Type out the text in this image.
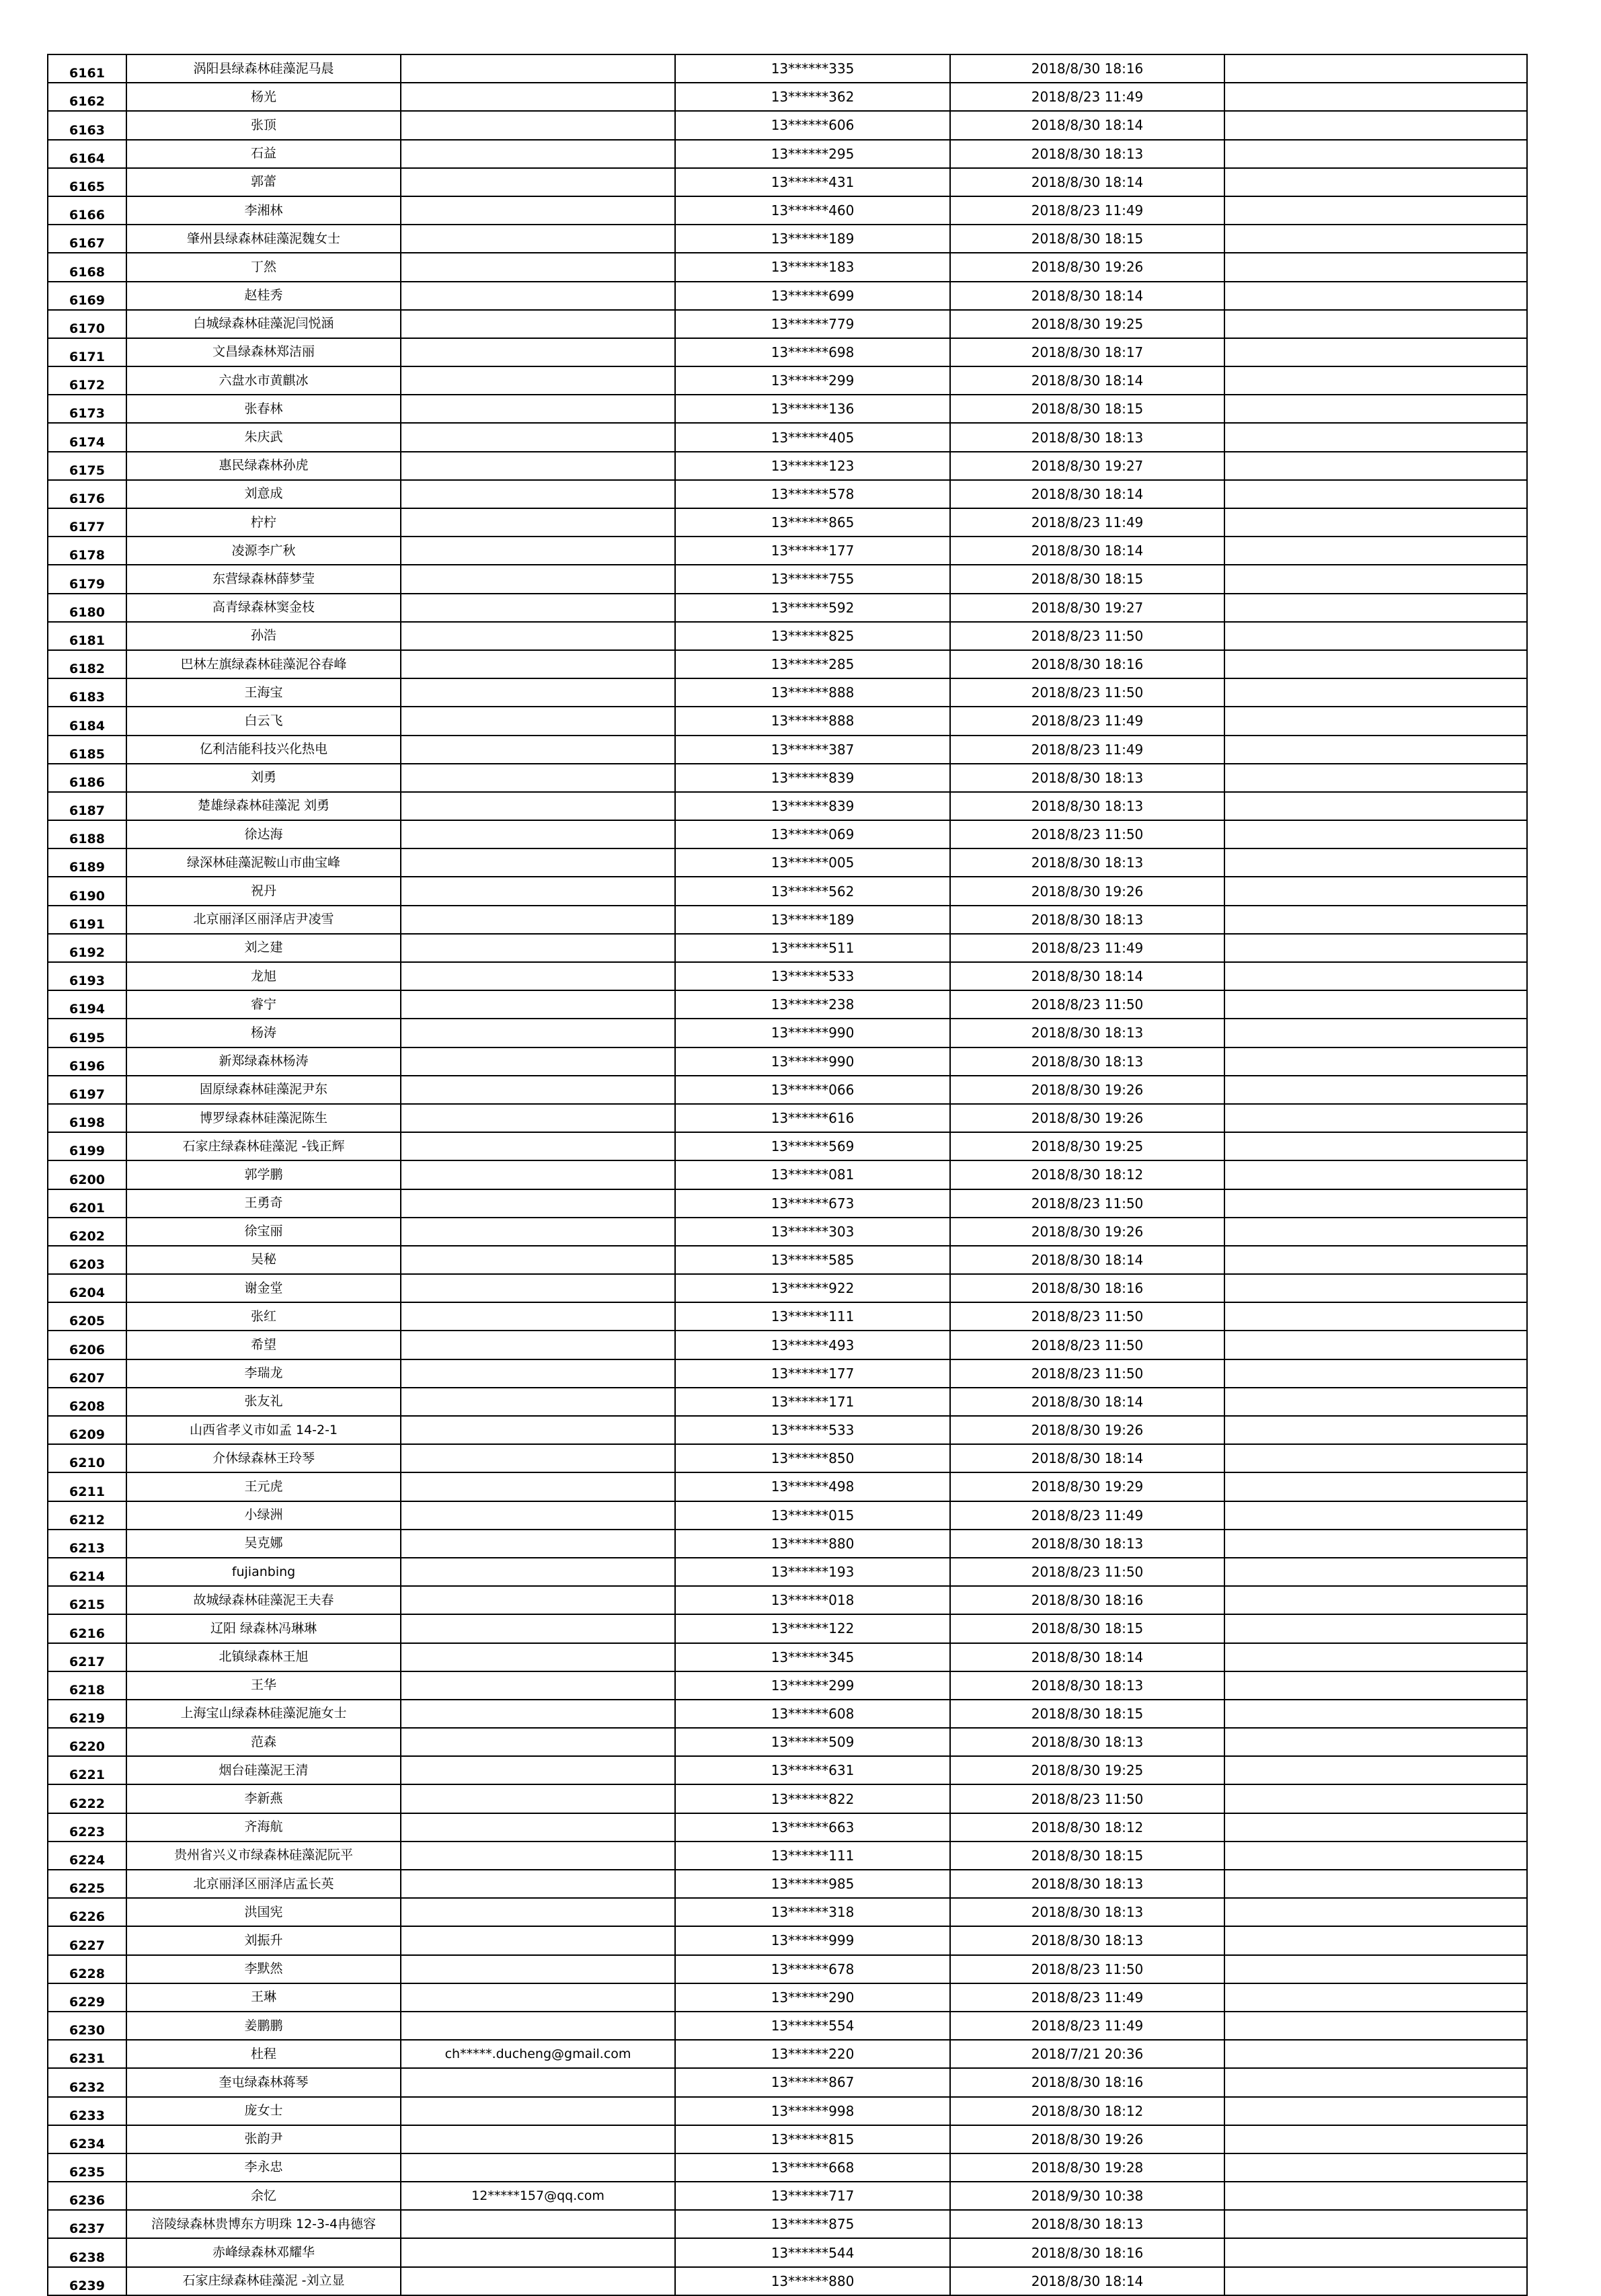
6161	涡阳县绿森林硅藻泥马晨		13******335	2018/8/30 18:16	
6162	杨光		13******362	2018/8/23 11:49	
6163	张顶		13******606	2018/8/30 18:14	
6164	石益		13******295	2018/8/30 18:13	
6165	郭蕾		13******431	2018/8/30 18:14	
6166	李湘林		13******460	2018/8/23 11:49	
6167	肇州县绿森林硅藻泥魏女士		13******189	2018/8/30 18:15	
6168	丁然		13******183	2018/8/30 19:26	
6169	赵桂秀		13******699	2018/8/30 18:14	
6170	白城绿森林硅藻泥闫悦涵		13******779	2018/8/30 19:25	
6171	文昌绿森林郑洁丽		13******698	2018/8/30 18:17	
6172	六盘水市黄麒冰		13******299	2018/8/30 18:14	
6173	张春林		13******136	2018/8/30 18:15	
6174	朱庆武		13******405	2018/8/30 18:13	
6175	惠民绿森林孙虎		13******123	2018/8/30 19:27	
6176	刘意成		13******578	2018/8/30 18:14	
6177	柠柠		13******865	2018/8/23 11:49	
6178	凌源李广秋		13******177	2018/8/30 18:14	
6179	东营绿森林薛梦莹		13******755	2018/8/30 18:15	
6180	高青绿森林窦金枝		13******592	2018/8/30 19:27	
6181	孙浩		13******825	2018/8/23 11:50	
6182	巴林左旗绿森林硅藻泥谷春峰		13******285	2018/8/30 18:16	
6183	王海宝		13******888	2018/8/23 11:50	
6184	白云飞		13******888	2018/8/23 11:49	
6185	亿利洁能科技兴化热电		13******387	2018/8/23 11:49	
6186	刘勇		13******839	2018/8/30 18:13	
6187	楚雄绿森林硅藻泥 刘勇		13******839	2018/8/30 18:13	
6188	徐达海		13******069	2018/8/23 11:50	
6189	绿深林硅藻泥鞍山市曲宝峰		13******005	2018/8/30 18:13	
6190	祝丹		13******562	2018/8/30 19:26	
6191	北京丽泽区丽泽店尹凌雪		13******189	2018/8/30 18:13	
6192	刘之建		13******511	2018/8/23 11:49	
6193	龙旭		13******533	2018/8/30 18:14	
6194	睿宁		13******238	2018/8/23 11:50	
6195	杨涛		13******990	2018/8/30 18:13	
6196	新郑绿森林杨涛		13******990	2018/8/30 18:13	
6197	固原绿森林硅藻泥尹东		13******066	2018/8/30 19:26	
6198	博罗绿森林硅藻泥陈生		13******616	2018/8/30 19:26	
6199	石家庄绿森林硅藻泥 -钱正辉		13******569	2018/8/30 19:25	
6200	郭学鹏		13******081	2018/8/30 18:12	
6201	王勇奇		13******673	2018/8/23 11:50	
6202	徐宝丽		13******303	2018/8/30 19:26	
6203	吴秘		13******585	2018/8/30 18:14	
6204	谢金堂		13******922	2018/8/30 18:16	
6205	张红		13******111	2018/8/23 11:50	
6206	希望		13******493	2018/8/23 11:50	
6207	李瑞龙		13******177	2018/8/23 11:50	
6208	张友礼		13******171	2018/8/30 18:14	
6209	山西省孝义市如孟 14-2-1		13******533	2018/8/30 19:26	
6210	介休绿森林王玲琴		13******850	2018/8/30 18:14	
6211	王元虎		13******498	2018/8/30 19:29	
6212	小绿洲		13******015	2018/8/23 11:49	
6213	吴克娜		13******880	2018/8/30 18:13	
6214	fujianbing		13******193	2018/8/23 11:50	
6215	故城绿森林硅藻泥王夫春		13******018	2018/8/30 18:16	
6216	辽阳 绿森林冯琳琳		13******122	2018/8/30 18:15	
6217	北镇绿森林王旭		13******345	2018/8/30 18:14	
6218	王华		13******299	2018/8/30 18:13	
6219	上海宝山绿森林硅藻泥施女士		13******608	2018/8/30 18:15	
6220	范森		13******509	2018/8/30 18:13	
6221	烟台硅藻泥王清		13******631	2018/8/30 19:25	
6222	李新燕		13******822	2018/8/23 11:50	
6223	齐海航		13******663	2018/8/30 18:12	
6224	贵州省兴义市绿森林硅藻泥阮平		13******111	2018/8/30 18:15	
6225	北京丽泽区丽泽店孟长英		13******985	2018/8/30 18:13	
6226	洪国宪		13******318	2018/8/30 18:13	
6227	刘振升		13******999	2018/8/30 18:13	
6228	李默然		13******678	2018/8/23 11:50	
6229	王琳		13******290	2018/8/23 11:49	
6230	姜鹏鹏		13******554	2018/8/23 11:49	
6231	杜程	ch*****.ducheng@gmail.com	13******220	2018/7/21 20:36	
6232	奎屯绿森林蒋琴		13******867	2018/8/30 18:16	
6233	庞女士		13******998	2018/8/30 18:12	
6234	张韵尹		13******815	2018/8/30 19:26	
6235	李永忠		13******668	2018/8/30 19:28	
6236	余忆	12*****157@qq.com	13******717	2018/9/30 10:38	
6237	涪陵绿森林贵博东方明珠 12-3-4冉德容		13******875	2018/8/30 18:13	
6238	赤峰绿森林邓耀华		13******544	2018/8/30 18:16	
6239	石家庄绿森林硅藻泥 -刘立显		13******880	2018/8/30 18:14	
